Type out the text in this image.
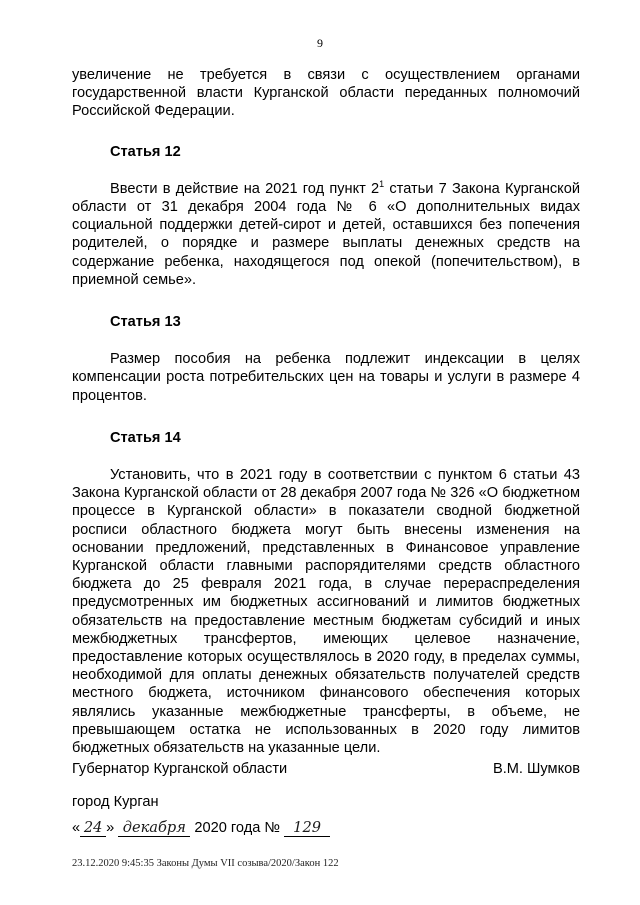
9

увеличение не требуется в связи с осуществлением органами государственной власти Курганской области переданных полномочий Российской Федерации.

Статья 12

Ввести в действие на 2021 год пункт $2^1$ статьи 7 Закона Курганской области от 31 декабря 2004 года № 6 «О дополнительных видах социальной поддержки детей-сирот и детей, оставшихся без попечения родителей, о порядке и размере выплаты денежных средств на содержание ребенка, находящегося под опекой (попечительством), в приемной семье».

Статья 13

Размер пособия на ребенка подлежит индексации в целях компенсации роста потребительских цен на товары и услуги в размере 4 процентов.

Статья 14

Установить, что в 2021 году в соответствии с пунктом 6 статьи 43 Закона Курганской области от 28 декабря 2007 года № 326 «О бюджетном процессе в Курганской области» в показатели сводной бюджетной росписи областного бюджета могут быть внесены изменения на основании предложений, представленных в Финансовое управление Курганской области главными распорядителями средств областного бюджета до 25 февраля 2021 года, в случае перераспределения предусмотренных им бюджетных ассигнований и лимитов бюджетных обязательств на предоставление местным бюджетам субсидий и иных межбюджетных трансфертов, имеющих целевое назначение, предоставление которых осуществлялось в 2020 году, в пределах суммы, необходимой для оплаты денежных обязательств получателей средств местного бюджета, источником финансового обеспечения которых являлись указанные межбюджетные трансферты, в объеме, не превышающем остатка не использованных в 2020 году лимитов бюджетных обязательств на указанные цели.

Губернатор Курганской области	В.М. Шумков
город Курган
« 24 » декабря 2020 года № 129
23.12.2020 9:45:35 Законы Думы VII созыва/2020/Закон 122
